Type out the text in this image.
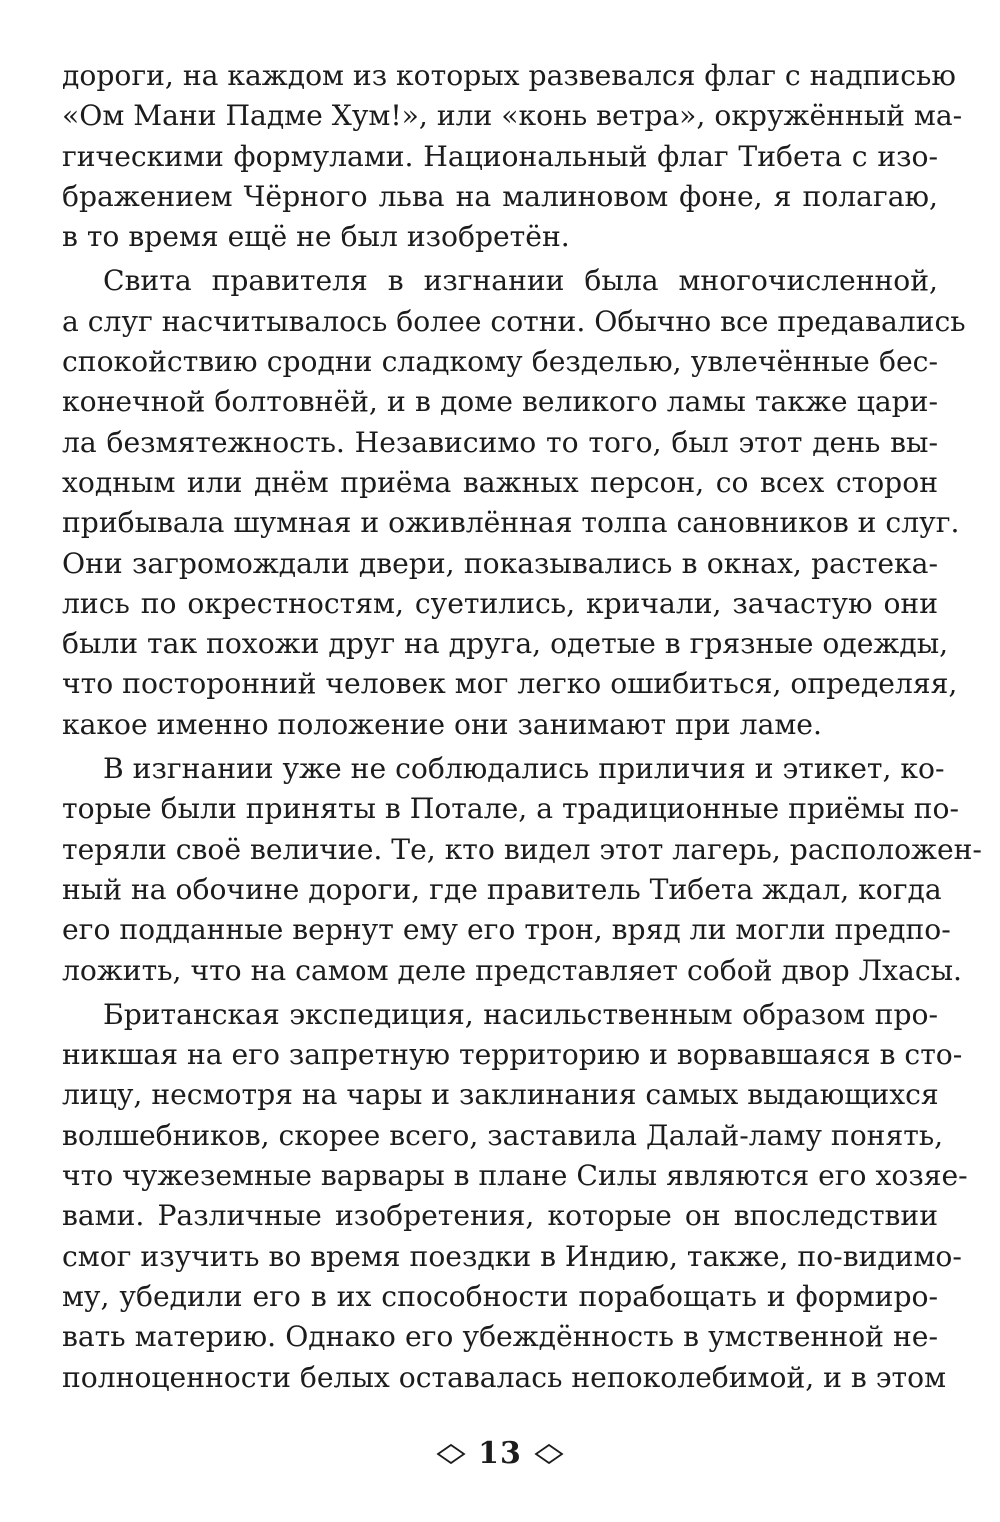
дороги, на каждом из которых развевался флаг с надписью
«Ом Мани Падме Хум!», или «конь ветра», окружённый ма-
гическими формулами. Национальный флаг Тибета с изо-
бражением Чёрного льва на малиновом фоне, я полагаю,
в то время ещё не был изобретён.
Свита правителя в изгнании была многочисленной,
а слуг насчитывалось более сотни. Обычно все предавались
спокойствию сродни сладкому безделью, увлечённые бес-
конечной болтовнёй, и в доме великого ламы также цари-
ла безмятежность. Независимо то того, был этот день вы-
ходным или днём приёма важных персон, со всех сторон
прибывала шумная и оживлённая толпа сановников и слуг.
Они загромождали двери, показывались в окнах, растека-
лись по окрестностям, суетились, кричали, зачастую они
были так похожи друг на друга, одетые в грязные одежды,
что посторонний человек мог легко ошибиться, определяя,
какое именно положение они занимают при ламе.
В изгнании уже не соблюдались приличия и этикет, ко-
торые были приняты в Потале, а традиционные приёмы по-
теряли своё величие. Те, кто видел этот лагерь, расположен-
ный на обочине дороги, где правитель Тибета ждал, когда
его подданные вернут ему его трон, вряд ли могли предпо-
ложить, что на самом деле представляет собой двор Лхасы.
Британская экспедиция, насильственным образом про-
никшая на его запретную территорию и ворвавшаяся в сто-
лицу, несмотря на чары и заклинания самых выдающихся
волшебников, скорее всего, заставила Далай-ламу понять,
что чужеземные варвары в плане Силы являются его хозяе-
вами. Различные изобретения, которые он впоследствии
смог изучить во время поездки в Индию, также, по-видимо-
му, убедили его в их способности порабощать и формиро-
вать материю. Однако его убеждённость в умственной не-
полноценности белых оставалась непоколебимой, и в этом
13
